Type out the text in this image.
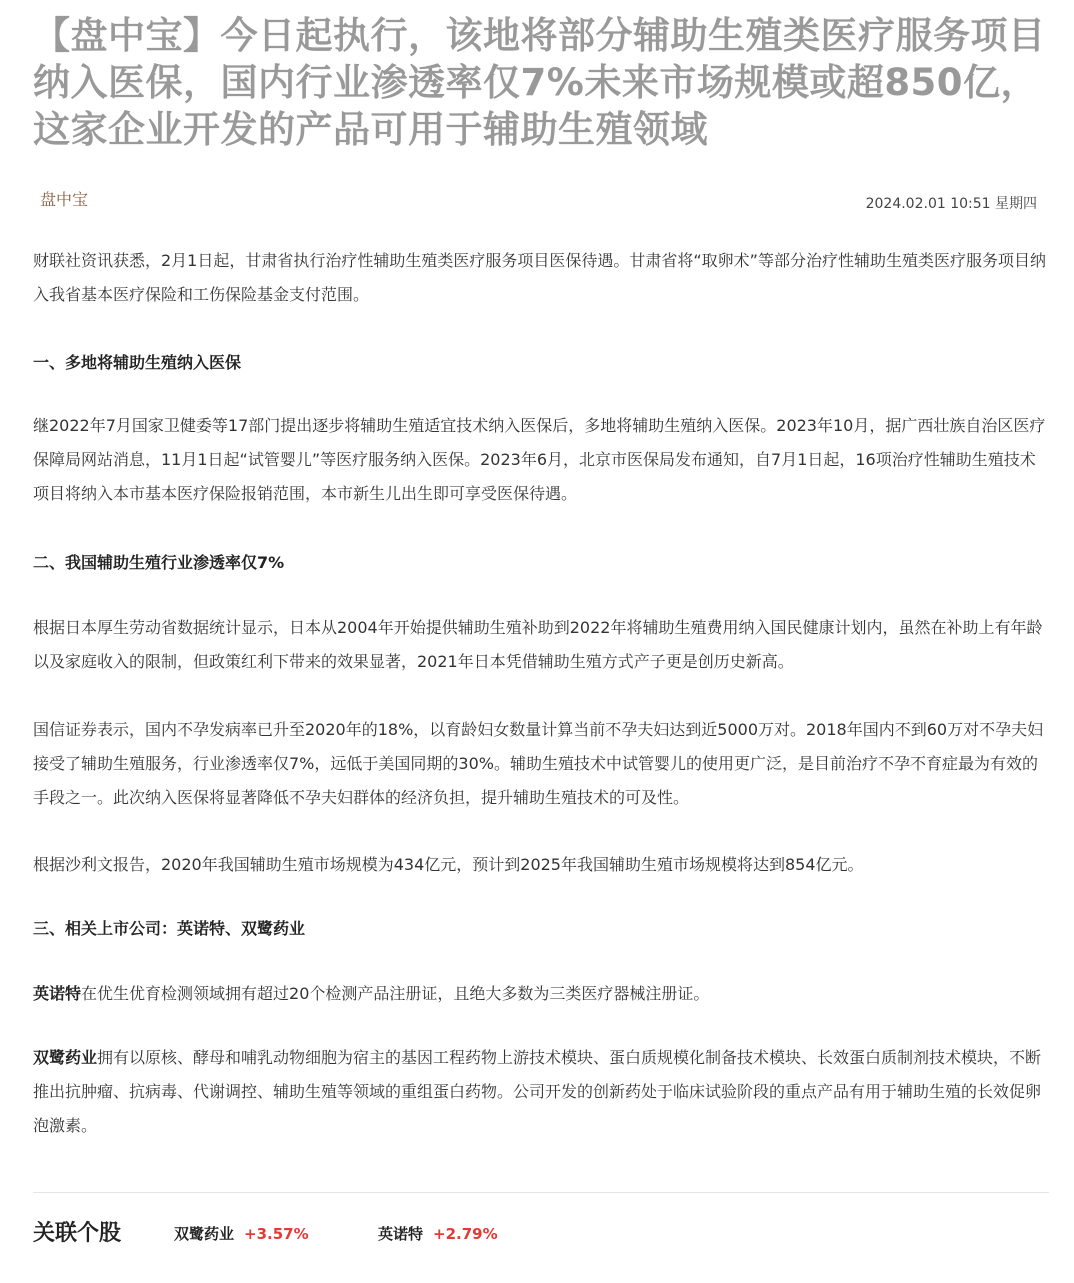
【盘中宝】今日起执行，该地将部分辅助生殖类医疗服务项目纳入医保，国内行业渗透率仅7%未来市场规模或超850亿，这家企业开发的产品可用于辅助生殖领域
盘中宝	2024.02.01 10:51 星期四

财联社资讯获悉，2月1日起，甘肃省执行治疗性辅助生殖类医疗服务项目医保待遇。甘肃省将“取卵术”等部分治疗性辅助生殖类医疗服务项目纳入我省基本医疗保险和工伤保险基金支付范围。

一、多地将辅助生殖纳入医保

继2022年7月国家卫健委等17部门提出逐步将辅助生殖适宜技术纳入医保后，多地将辅助生殖纳入医保。2023年10月，据广西壮族自治区医疗保障局网站消息，11月1日起“试管婴儿”等医疗服务纳入医保。2023年6月，北京市医保局发布通知，自7月1日起，16项治疗性辅助生殖技术项目将纳入本市基本医疗保险报销范围，本市新生儿出生即可享受医保待遇。

二、我国辅助生殖行业渗透率仅7%

根据日本厚生劳动省数据统计显示，日本从2004年开始提供辅助生殖补助到2022年将辅助生殖费用纳入国民健康计划内，虽然在补助上有年龄以及家庭收入的限制，但政策红利下带来的效果显著，2021年日本凭借辅助生殖方式产子更是创历史新高。

国信证券表示，国内不孕发病率已升至2020年的18%，以育龄妇女数量计算当前不孕夫妇达到近5000万对。2018年国内不到60万对不孕夫妇接受了辅助生殖服务，行业渗透率仅7%，远低于美国同期的30%。辅助生殖技术中试管婴儿的使用更广泛，是目前治疗不孕不育症最为有效的手段之一。此次纳入医保将显著降低不孕夫妇群体的经济负担，提升辅助生殖技术的可及性。

根据沙利文报告，2020年我国辅助生殖市场规模为434亿元，预计到2025年我国辅助生殖市场规模将达到854亿元。

三、相关上市公司：英诺特、双鹭药业

英诺特在优生优育检测领域拥有超过20个检测产品注册证，且绝大多数为三类医疗器械注册证。

双鹭药业拥有以原核、酵母和哺乳动物细胞为宿主的基因工程药物上游技术模块、蛋白质规模化制备技术模块、长效蛋白质制剂技术模块，不断推出抗肿瘤、抗病毒、代谢调控、辅助生殖等领域的重组蛋白药物。公司开发的创新药处于临床试验阶段的重点产品有用于辅助生殖的长效促卵泡激素。

关联个股	双鹭药业 +3.57%	英诺特 +2.79%
